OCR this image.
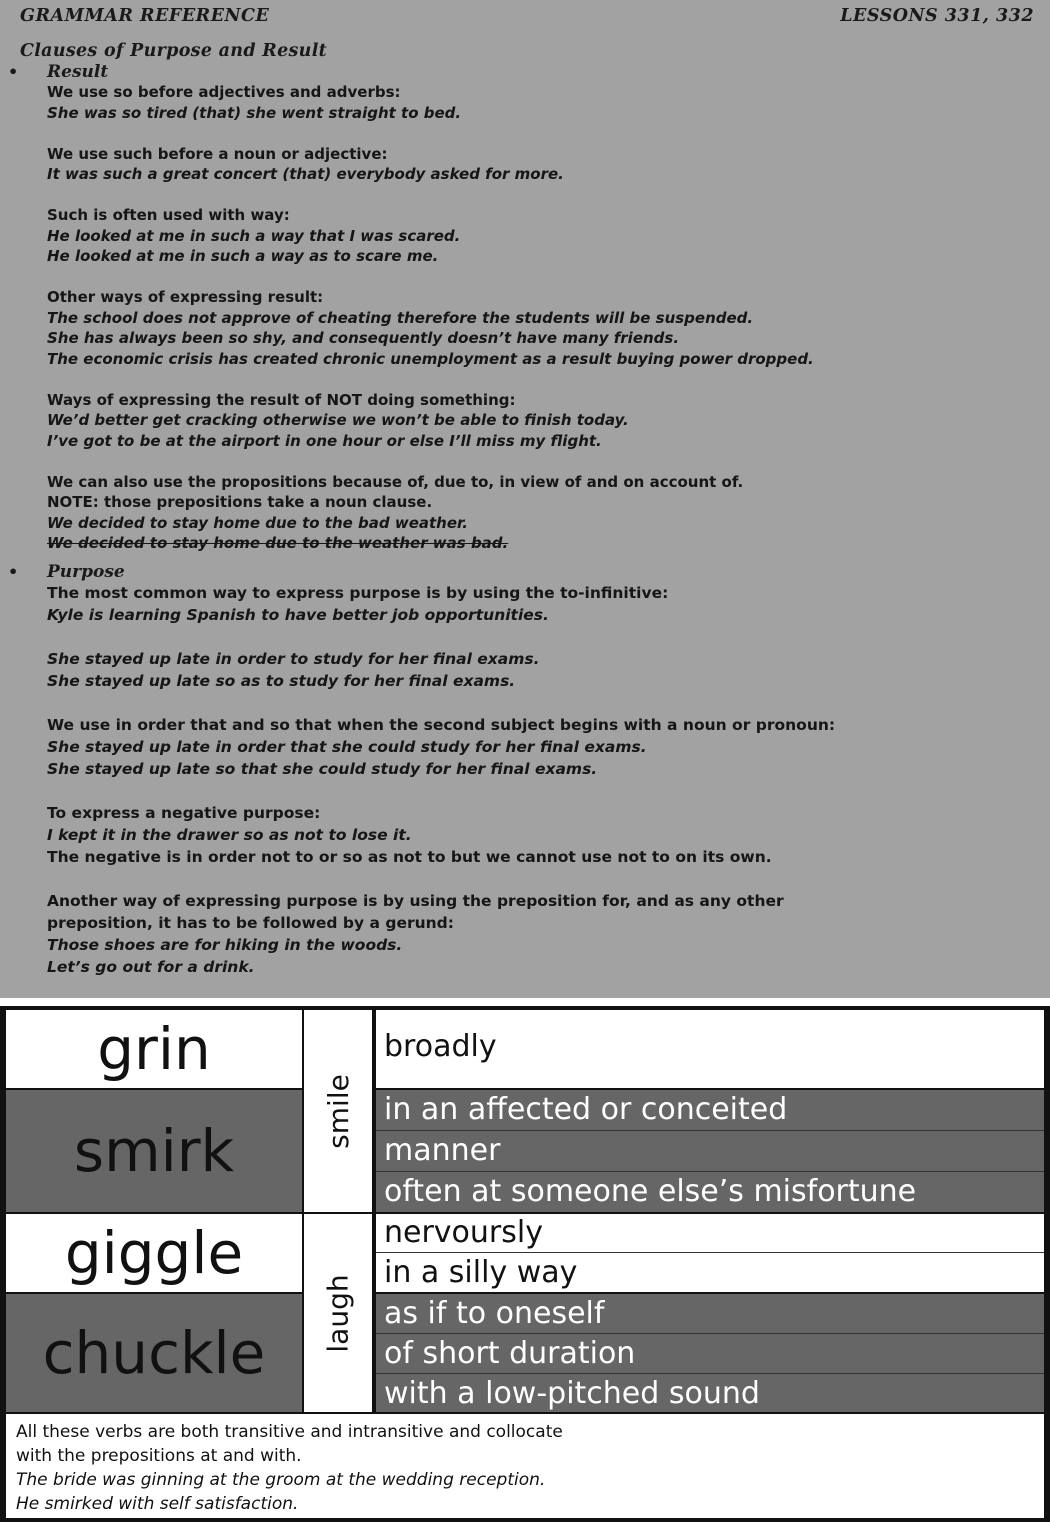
GRAMMAR REFERENCE	LESSONS 331, 332
Clauses of Purpose and Result
• Result
We use so before adjectives and adverbs:
She was so tired (that) she went straight to bed.
We use such before a noun or adjective:
It was such a great concert (that) everybody asked for more.
Such is often used with way:
He looked at me in such a way that I was scared.
He looked at me in such a way as to scare me.
Other ways of expressing result:
The school does not approve of cheating therefore the students will be suspended.
She has always been so shy, and consequently doesn’t have many friends.
The economic crisis has created chronic unemployment as a result buying power dropped.
Ways of expressing the result of NOT doing something:
We’d better get cracking otherwise we won’t be able to finish today.
I’ve got to be at the airport in one hour or else I’ll miss my flight.
We can also use the propositions because of, due to, in view of and on account of.
NOTE: those prepositions take a noun clause.
We decided to stay home due to the bad weather.
We decided to stay home due to the weather was bad.
• Purpose
The most common way to express purpose is by using the to-infinitive:
Kyle is learning Spanish to have better job opportunities.
She stayed up late in order to study for her final exams.
She stayed up late so as to study for her final exams.
We use in order that and so that when the second subject begins with a noun or pronoun:
She stayed up late in order that she could study for her final exams.
She stayed up late so that she could study for her final exams.
To express a negative purpose:
I kept it in the drawer so as not to lose it.
The negative is in order not to or so as not to but we cannot use not to on its own.
Another way of expressing purpose is by using the preposition for, and as any other
preposition, it has to be followed by a gerund:
Those shoes are for hiking in the woods.
Let’s go out for a drink.
grin
smirk
giggle
chuckle
smile
laugh
broadly
in an affected or conceited
manner
often at someone else’s misfortune
nervoursly
in a silly way
as if to oneself
of short duration
with a low-pitched sound
All these verbs are both transitive and intransitive and collocate
with the prepositions at and with.
The bride was ginning at the groom at the wedding reception.
He smirked with self satisfaction.
